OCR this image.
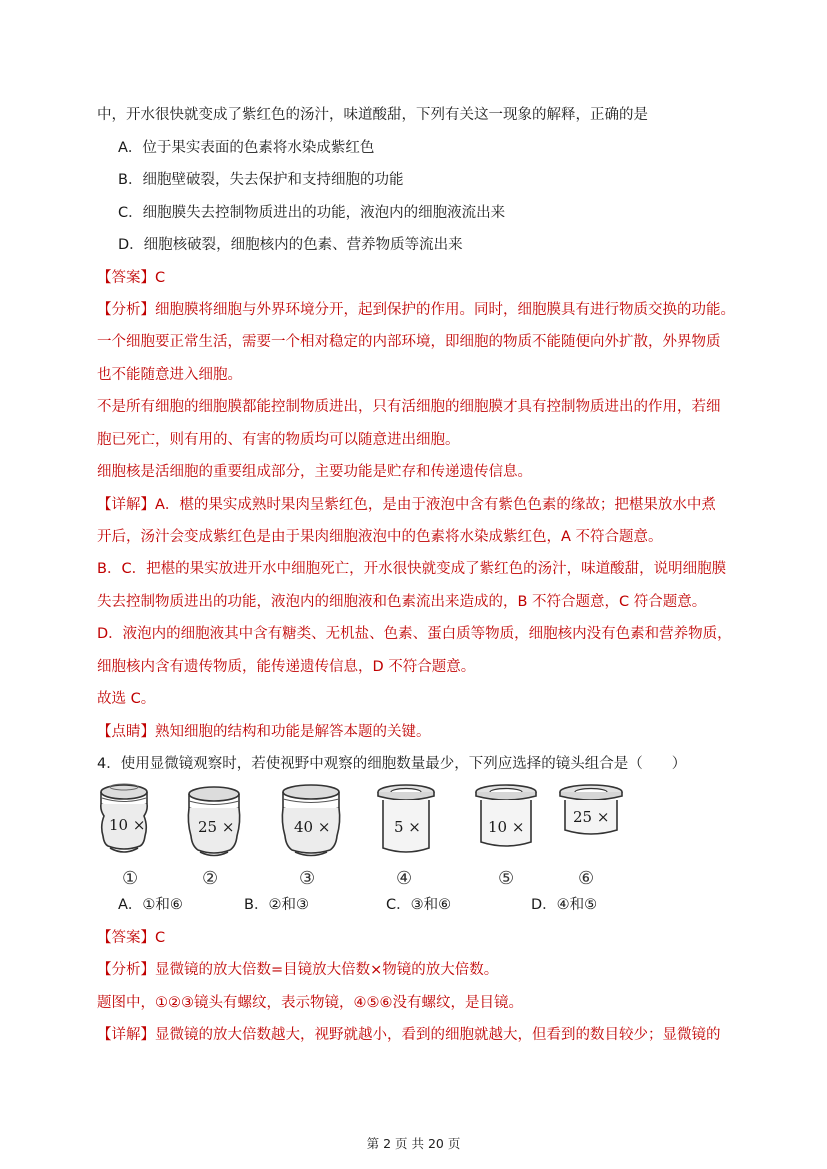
中，开水很快就变成了紫红色的汤汁，味道酸甜，下列有关这一现象的解释，正确的是
A．位于果实表面的色素将水染成紫红色
B．细胞壁破裂，失去保护和支持细胞的功能
C．细胞膜失去控制物质进出的功能，液泡内的细胞液流出来
D．细胞核破裂，细胞核内的色素、营养物质等流出来
【答案】C
【分析】细胞膜将细胞与外界环境分开，起到保护的作用。同时，细胞膜具有进行物质交换的功能。
一个细胞要正常生活，需要一个相对稳定的内部环境，即细胞的物质不能随便向外扩散，外界物质
也不能随意进入细胞。
不是所有细胞的细胞膜都能控制物质进出，只有活细胞的细胞膜才具有控制物质进出的作用，若细
胞已死亡，则有用的、有害的物质均可以随意进出细胞。
细胞核是活细胞的重要组成部分，主要功能是贮存和传递遗传信息。
【详解】A．椹的果实成熟时果肉呈紫红色，是由于液泡中含有紫色色素的缘故；把椹果放水中煮
开后，汤汁会变成紫红色是由于果肉细胞液泡中的色素将水染成紫红色，A 不符合题意。
B．C．把椹的果实放进开水中细胞死亡，开水很快就变成了紫红色的汤汁，味道酸甜，说明细胞膜
失去控制物质进出的功能，液泡内的细胞液和色素流出来造成的，B 不符合题意，C 符合题意。
D．液泡内的细胞液其中含有糖类、无机盐、色素、蛋白质等物质，细胞核内没有色素和营养物质，
细胞核内含有遗传物质，能传递遗传信息，D 不符合题意。
故选 C。
【点睛】熟知细胞的结构和功能是解答本题的关键。
4．使用显微镜观察时，若使视野中观察的细胞数量最少，下列应选择的镜头组合是（　　）
10 ×
①
25 ×
②
40 ×
③
5 ×
④
10 ×
⑤
25 ×
⑥
A．①和⑥	B．②和③	C．③和⑥	D．④和⑤
【答案】C
【分析】显微镜的放大倍数=目镜放大倍数×物镜的放大倍数。
题图中，①②③镜头有螺纹，表示物镜，④⑤⑥没有螺纹，是目镜。
【详解】显微镜的放大倍数越大，视野就越小，看到的细胞就越大，但看到的数目较少；显微镜的
第 2 页 共 20 页
